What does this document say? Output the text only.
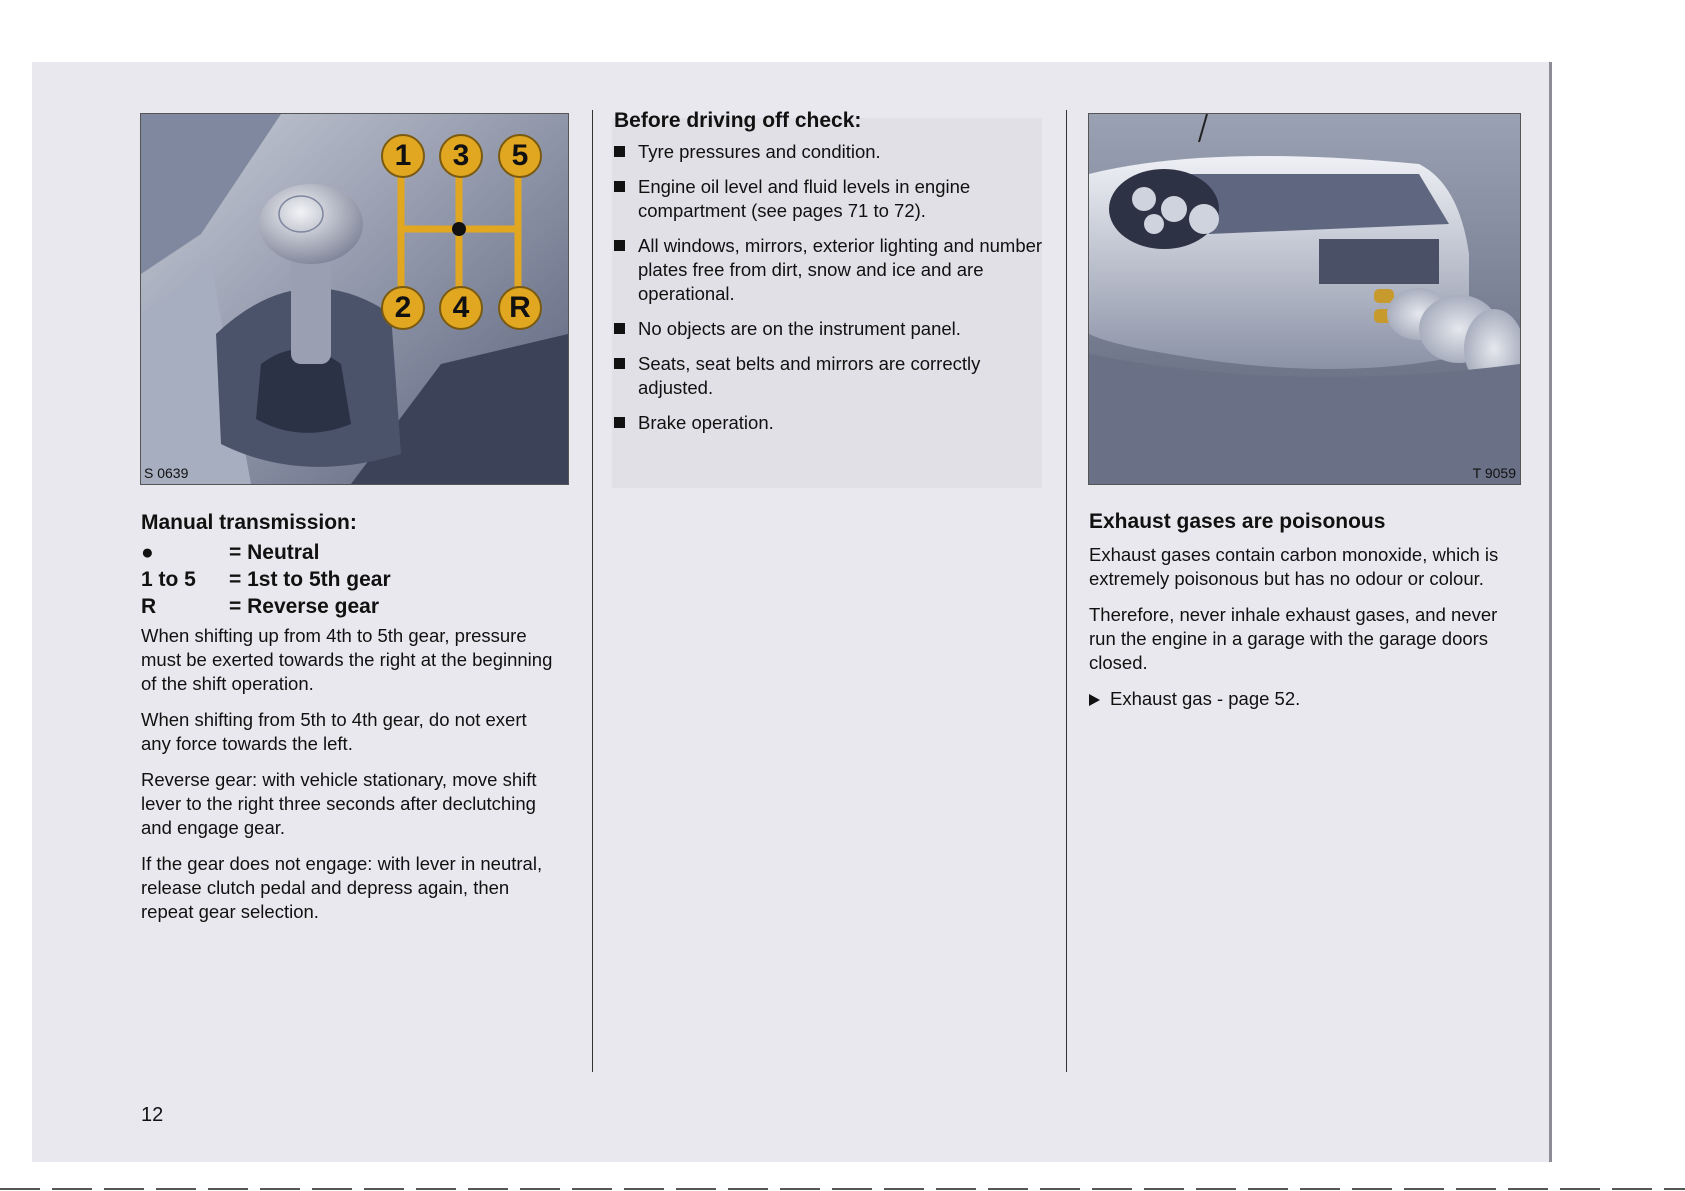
1	3	5
2	4	R
S 0639	T 9059
Manual transmission:
●	= Neutral
1 to 5	= 1st to 5th gear
R	= Reverse gear

When shifting up from 4th to 5th gear, pressure must be exerted towards the right at the beginning of the shift operation.

When shifting from 5th to 4th gear, do not exert any force towards the left.

Reverse gear: with vehicle stationary, move shift lever to the right three seconds after declutching and engage gear.

If the gear does not engage: with lever in neutral, release clutch pedal and depress again, then repeat gear selection.

Before driving off check:
Tyre pressures and condition.
Engine oil level and fluid levels in engine compartment (see pages 71 to 72).
All windows, mirrors, exterior lighting and number plates free from dirt, snow and ice and are operational.
No objects are on the instrument panel.
Seats, seat belts and mirrors are correctly adjusted.
Brake operation.
Exhaust gases are poisonous

Exhaust gases contain carbon monoxide, which is extremely poisonous but has no odour or colour.

Therefore, never inhale exhaust gases, and never run the engine in a garage with the garage doors closed.

Exhaust gas - page 52.
12
